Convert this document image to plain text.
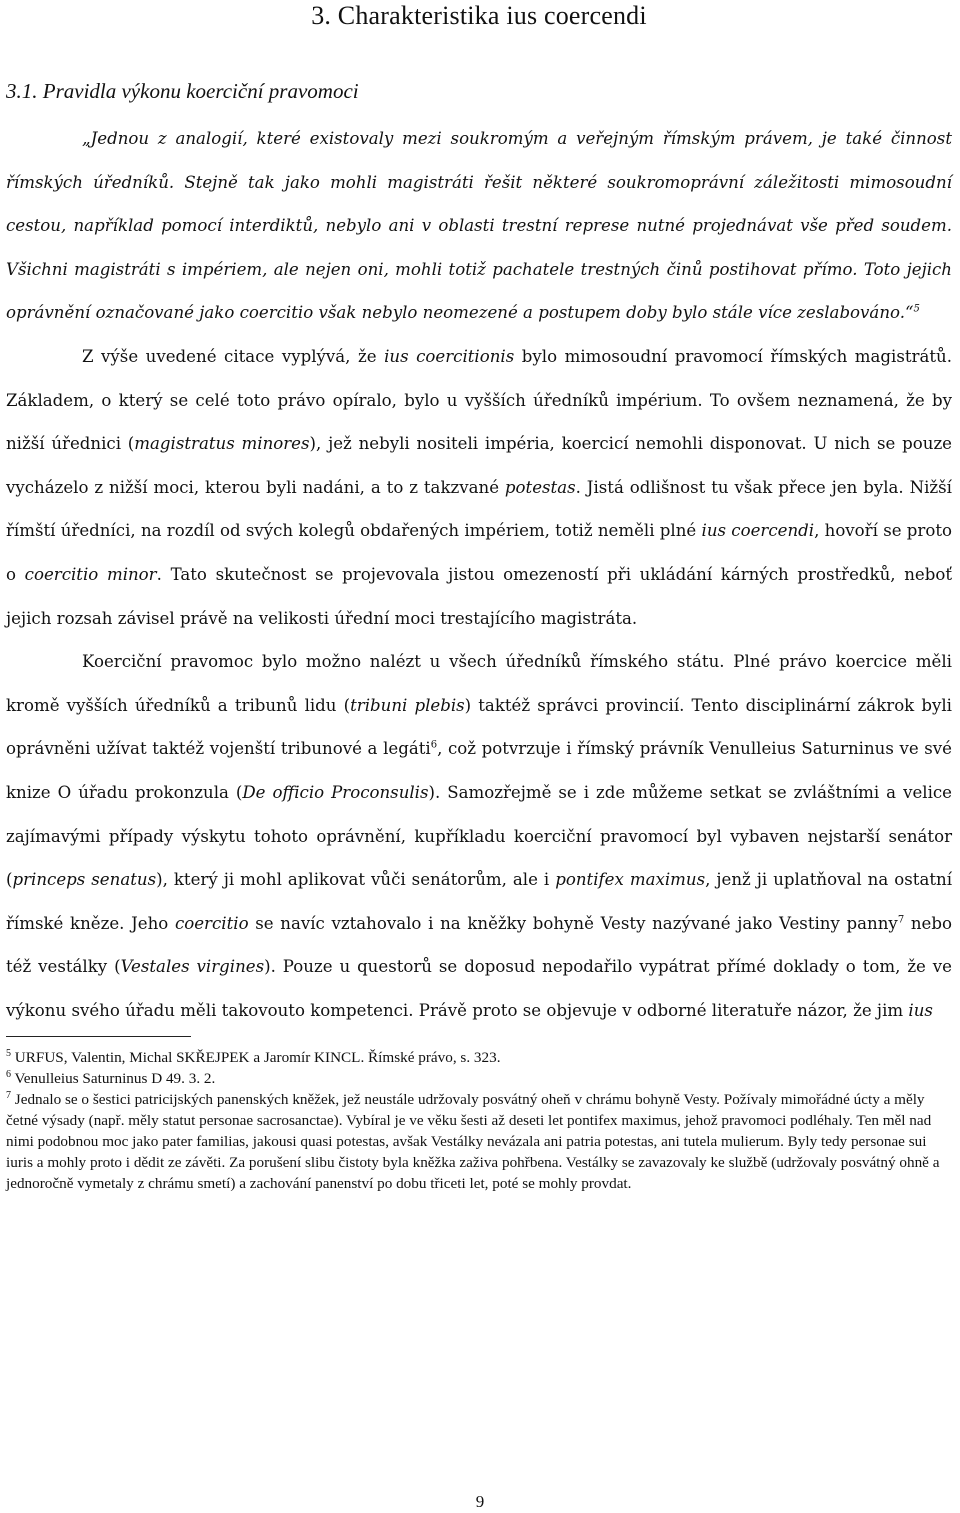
3. Charakteristika ius coercendi
3.1. Pravidla výkonu koerciční pravomoci
„Jednou z analogií, které existovaly mezi soukromým a veřejným římským právem, je také činnost římských úředníků. Stejně tak jako mohli magistráti řešit některé soukromoprávní záležitosti mimosoudní cestou, například pomocí interdiktů, nebylo ani v oblasti trestní represe nutné projednávat vše před soudem. Všichni magistráti s impériem, ale nejen oni, mohli totiž pachatele trestných činů postihovat přímo. Toto jejich oprávnění označované jako coercitio však nebylo neomezené a postupem doby bylo stále více zeslabováno.“$^5$

Z výše uvedené citace vyplývá, že ius coercitionis bylo mimosoudní pravomocí římských magistrátů. Základem, o který se celé toto právo opíralo, bylo u vyšších úředníků impérium. To ovšem neznamená, že by nižší úřednici (magistratus minores), jež nebyli nositeli impéria, koercicí nemohli disponovat. U nich se pouze vycházelo z nižší moci, kterou byli nadáni, a to z takzvané potestas. Jistá odlišnost tu však přece jen byla. Nižší římští úředníci, na rozdíl od svých kolegů obdařených impériem, totiž neměli plné ius coercendi, hovoří se proto o coercitio minor. Tato skutečnost se projevovala jistou omezeností při ukládání kárných prostředků, neboť jejich rozsah závisel právě na velikosti úřední moci trestajícího magistráta.

Koerciční pravomoc bylo možno nalézt u všech úředníků římského státu. Plné právo koercice měli kromě vyšších úředníků a tribunů lidu (tribuni plebis) taktéž správci provincií. Tento disciplinární zákrok byli oprávněni užívat taktéž vojenští tribunové a legáti$^6$, což potvrzuje i římský právník Venulleius Saturninus ve své knize O úřadu prokonzula (De officio Proconsulis). Samozřejmě se i zde můžeme setkat se zvláštními a velice zajímavými případy výskytu tohoto oprávnění, kupříkladu koerciční pravomocí byl vybaven nejstarší senátor (princeps senatus), který ji mohl aplikovat vůči senátorům, ale i pontifex maximus, jenž ji uplatňoval na ostatní římské kněze. Jeho coercitio se navíc vztahovalo i na kněžky bohyně Vesty nazývané jako Vestiny panny$^7$ nebo též vestálky (Vestales virgines). Pouze u questorů se doposud nepodařilo vypátrat přímé doklady o tom, že ve výkonu svého úřadu měli takovouto kompetenci. Právě proto se objevuje v odborné literatuře názor, že jim ius

$^5$ URFUS, Valentin, Michal SKŘEJPEK a Jaromír KINCL. Římské právo, s. 323.

$^6$ Venulleius Saturninus D 49. 3. 2.

$^7$ Jednalo se o šestici patricijských panenských kněžek, jež neustále udržovaly posvátný oheň v chrámu bohyně Vesty. Požívaly mimořádné úcty a měly četné výsady (např. měly statut personae sacrosanctae). Vybíral je ve věku šesti až deseti let pontifex maximus, jehož pravomoci podléhaly. Ten měl nad nimi podobnou moc jako pater familias, jakousi quasi potestas, avšak Vestálky nevázala ani patria potestas, ani tutela mulierum. Byly tedy personae sui iuris a mohly proto i dědit ze závěti. Za porušení slibu čistoty byla kněžka zaživa pohřbena. Vestálky se zavazovaly ke službě (udržovaly posvátný ohně a jednoročně vymetaly z chrámu smetí) a zachování panenství po dobu třiceti let, poté se mohly provdat.

9
